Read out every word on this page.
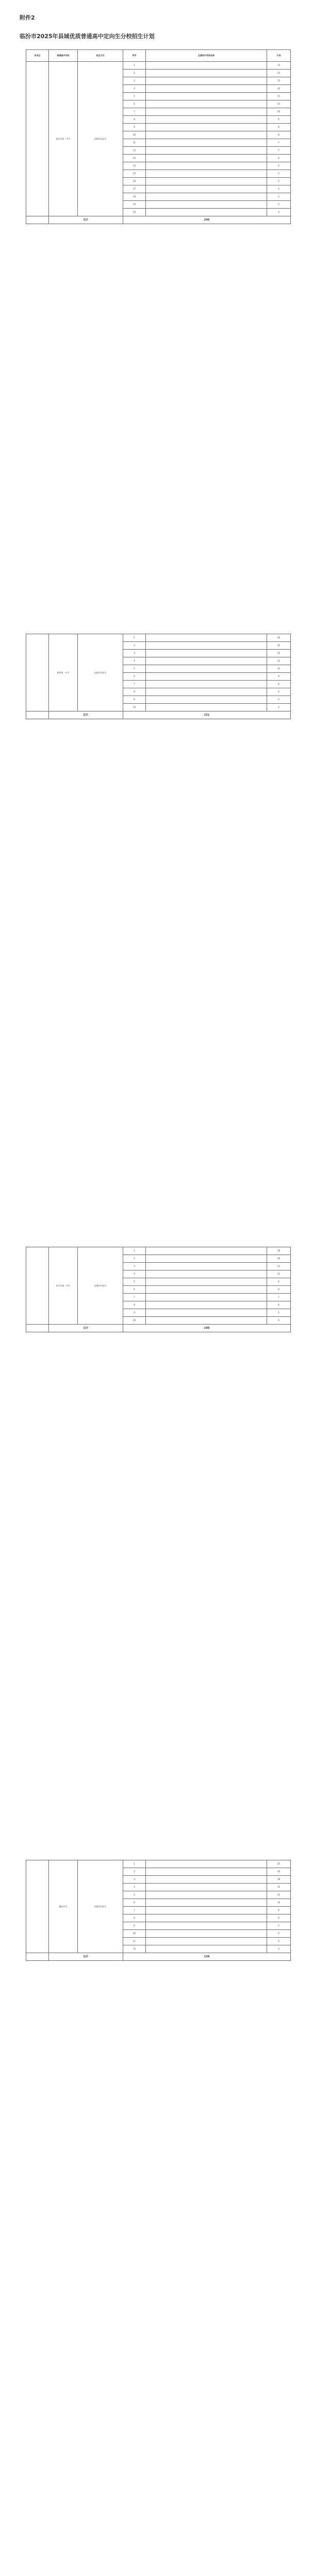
附件2
临汾市2025年县域优质普通高中定向生分校招生计划
县市区	普通高中学校	招生方式	序号	生源初中学校名称	计划
	临汾市第一中学	县域定向招生	1		14
			2		14
			3		13
			4		12
			5		11
			6		10
			7		10
			8		9
			9		8
			10		8
			11		7
			12		7
			13		6
			14		6
			15		5
			16		5
			17		4
			18		3
			19		3
			20		3
	总计		246		
	霍州第一中学	县域定向招生	1		30
			2		22
			3		15
			4		12
			5		10
			6		9
			7		8
			8		6
			9		5
			10		4
	总计		131		
	侯马市第一中学	县城定向招生	1		18
			2		16
			3		12
			4		11
			5		9
			6		8
			7		7
			8		6
			9		5
			10		4
	总计		100		
	襄汾中学	县域定向招生	1		25
			2		20
			3		18
			4		15
			5		12
			6		10
			7		8
			8		6
			9		5
			10		4
			11		4
			12		3
	总计		138		
